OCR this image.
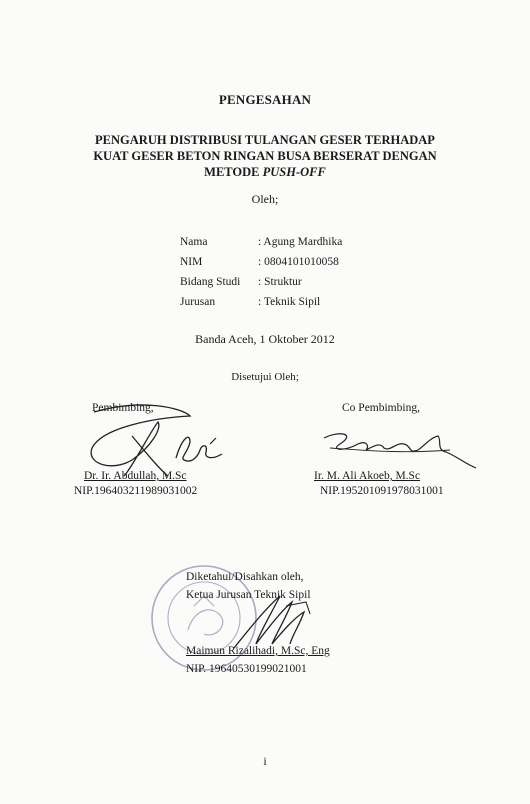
PENGESAHAN
PENGARUH DISTRIBUSI TULANGAN GESER TERHADAP
KUAT GESER BETON RINGAN BUSA BERSERAT DENGAN
METODE PUSH-OFF
Oleh;
Nama	: Agung Mardhika
NIM	: 0804101010058
Bidang Studi	: Struktur
Jurusan	: Teknik Sipil
Banda Aceh, 1 Oktober 2012
Disetujui Oleh;
Pembimbing,
Dr. Ir. Abdullah, M.Sc
NIP.196403211989031002
Co Pembimbing,
Ir. M. Ali Akoeb, M.Sc
NIP.195201091978031001
Diketahui/Disahkan oleh,
Ketua Jurusan Teknik Sipil
Maimun Rizalihadi, M.Sc, Eng
NIP. 19640530199021001
i
